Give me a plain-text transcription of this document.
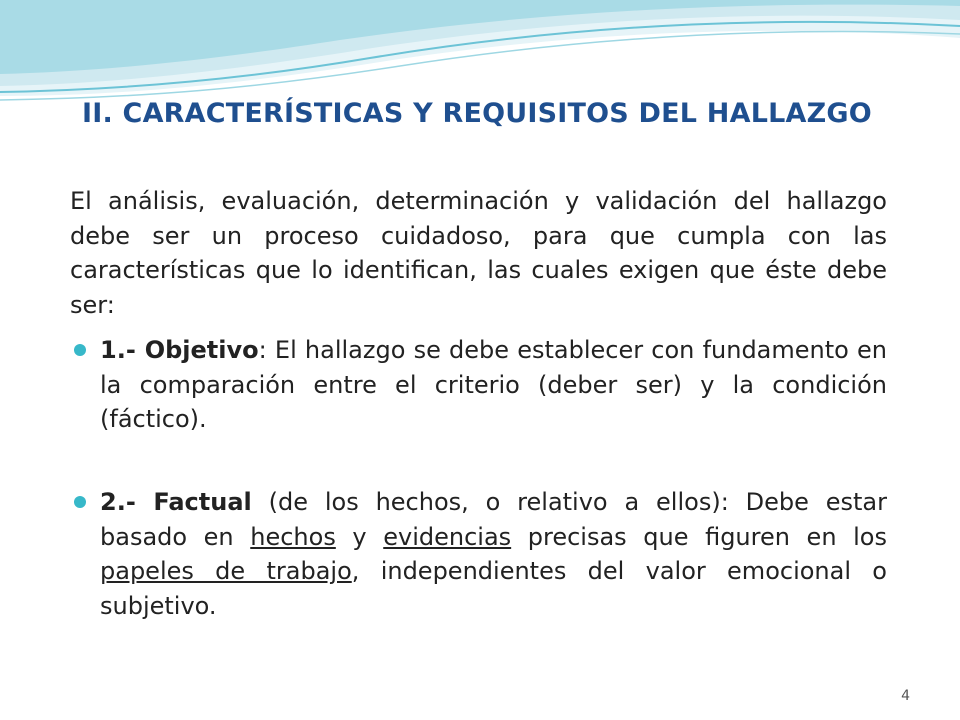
II. CARACTERÍSTICAS Y REQUISITOS DEL HALLAZGO

El análisis, evaluación, determinación y validación del hallazgo debe ser un proceso cuidadoso, para que cumpla con las características que lo identifican, las cuales exigen que éste debe ser:

1.- Objetivo: El hallazgo se debe establecer con fundamento en la comparación entre el criterio (deber ser) y la condición (fáctico).
2.- Factual (de los hechos, o relativo a ellos): Debe estar basado en hechos y evidencias precisas que figuren en los papeles de trabajo, independientes del valor emocional o subjetivo.
4
